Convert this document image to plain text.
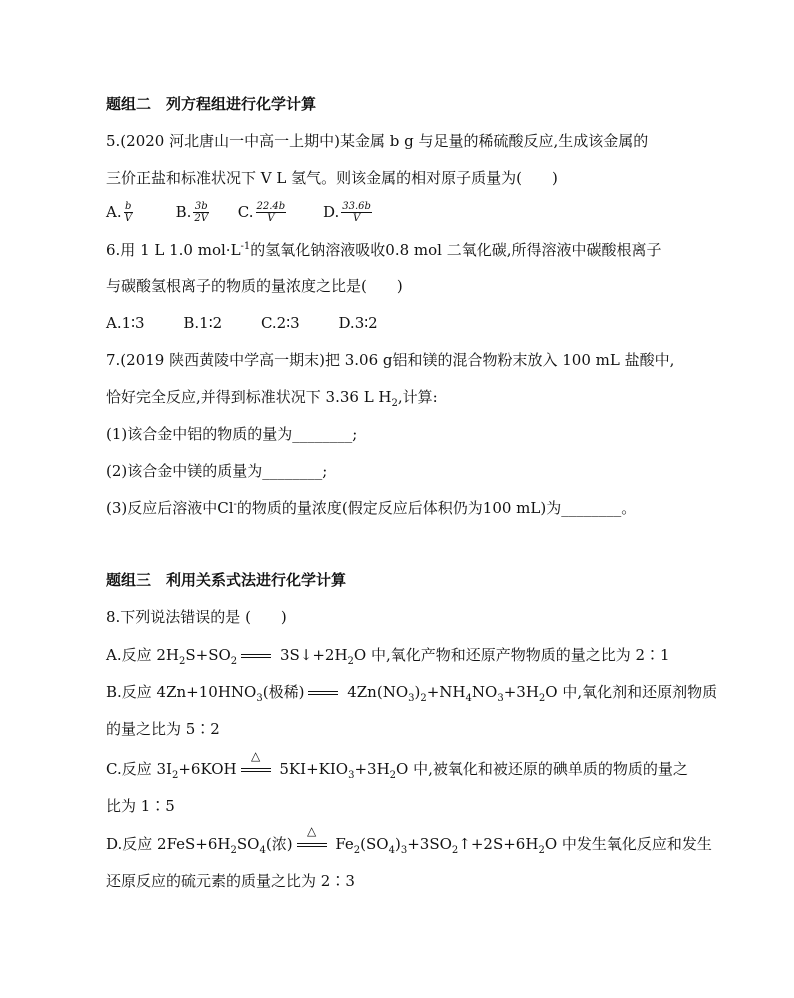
题组二　列方程组进行化学计算
5.(2020 河北唐山一中高一上期中)某金属 b g 与足量的稀硫酸反应,生成该金属的
三价正盐和标准状况下 V L 氢气。则该金属的相对原子质量为(　　)
A. $\frac{b}{V}$	B. $\frac{3b}{2V} C$. $\frac{22.4b}{V} D$. $\frac{33.6b}{V}$
6.用 1 L 1.0 $mol\cdot L^{-1}$的氢氧化钠溶液吸收0.8 mol 二氧化碳,所得溶液中碳酸根离子
与碳酸氢根离子的物质的量浓度之比是(　　)
A.1∶3	B.1∶2	C.2∶3	D.3∶2
7.(2019 陕西黄陵中学高一期末)把 3.06 g铝和镁的混合物粉末放入 100 mL 盐酸中,
恰好完全反应,并得到标准状况下 3.36 L $H_2$,计算:
(1)该合金中铝的物质的量为________;
(2)该合金中镁的质量为________;
(3)反应后溶液中Cl-的物质的量浓度(假定反应后体积仍为100 mL)为________。
题组三　利用关系式法进行化学计算
8.下列说法错误的是 (　　)
A.反应 $2H_2S+SO_2$	$3S↓+2H_2O$ 中,氧化产物和还原产物物质的量之比为 2∶1
B.反应 $4Zn+10HNO_3$(极稀)	$4Zn(NO_3)_2+NH_4NO_3+3H_2O$ 中,氧化剂和还原剂物质
的量之比为 5∶2
C.反应 $3I_2+6KOH$
△
$5KI+KIO_3+3H_2O$ 中,被氧化和被还原的碘单质的物质的量之
比为 1∶5
D.反应 $2FeS+6H_2SO_4$(浓)
△
$Fe_2(SO_4)_3+3SO_2↑+2S+6H_2O$ 中发生氧化反应和发生
还原反应的硫元素的质量之比为 2∶3
